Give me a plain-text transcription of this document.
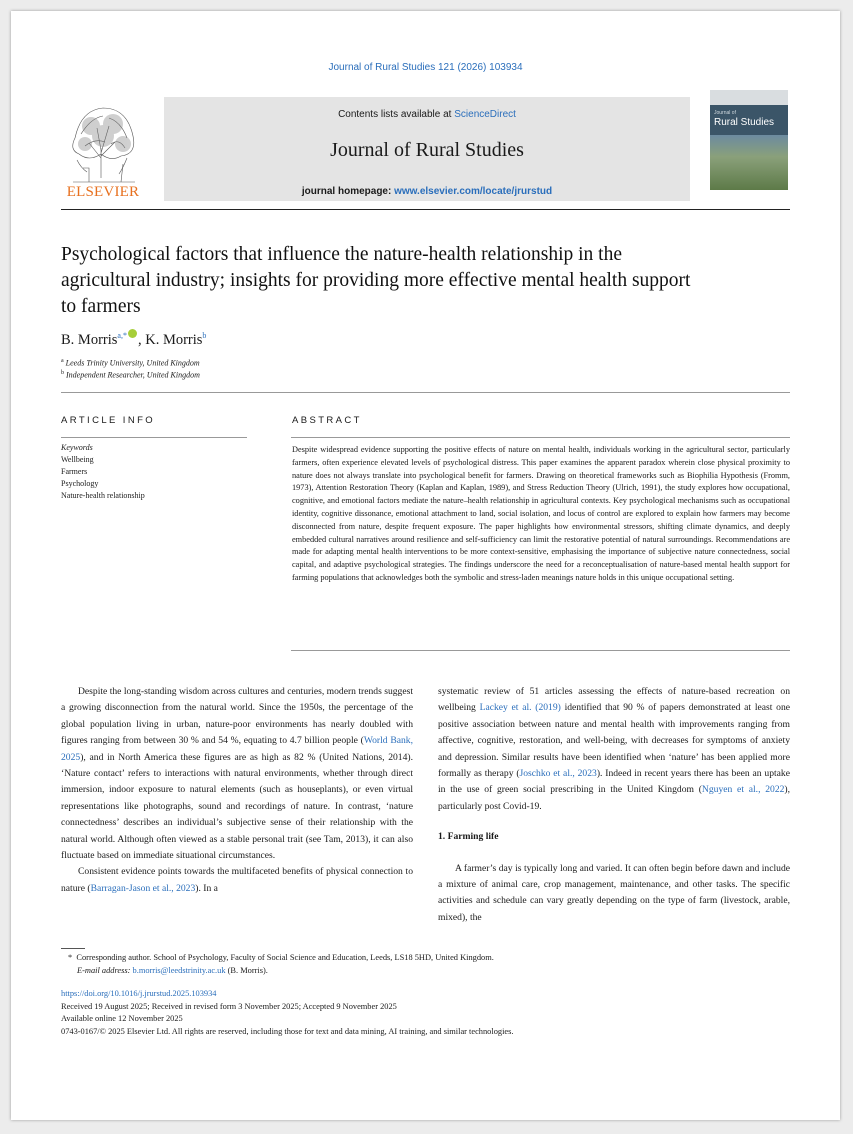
Journal of Rural Studies 121 (2026) 103934
ELSEVIER
Contents lists available at ScienceDirect
Journal of Rural Studies
journal homepage: www.elsevier.com/locate/jrurstud
Journal of
Rural Studies
Psychological factors that influence the nature-health relationship in the agricultural industry; insights for providing more effective mental health support to farmers
B. Morris$^{a,*}$ , K. Morris$^b$
$^a$ Leeds Trinity University, United Kingdom
$^b$ Independent Researcher, United Kingdom
ARTICLE INFO	ABSTRACT
Keywords
Wellbeing
Farmers
Psychology
Nature-health relationship
Despite widespread evidence supporting the positive effects of nature on mental health, individuals working in the agricultural sector, particularly farmers, often experience elevated levels of psychological distress. This paper examines the apparent paradox wherein close physical proximity to nature does not always translate into psychological benefit for farmers. Drawing on theoretical frameworks such as Biophilia Hypothesis (Fromm, 1973), Attention Restoration Theory (Kaplan and Kaplan, 1989), and Stress Reduction Theory (Ulrich, 1991), the study explores how occupational, cognitive, and emotional factors mediate the nature–health relationship in agricultural contexts. Key psychological mechanisms such as occupational identity, cognitive dissonance, emotional attachment to land, social isolation, and locus of control are explored to explain how farmers may become disconnected from nature, despite frequent exposure. The paper highlights how environmental stressors, shifting climate dynamics, and deeply embedded cultural narratives around resilience and self-sufficiency can limit the restorative potential of natural surroundings. Recommendations are made for adapting mental health interventions to be more context-sensitive, emphasising the importance of subjective nature connectedness, social capital, and adaptive psychological strategies. The findings underscore the need for a reconceptualisation of nature-based mental health support for farming populations that acknowledges both the symbolic and stress-laden meanings nature holds in this unique occupational setting.

Despite the long-standing wisdom across cultures and centuries, modern trends suggest a growing disconnection from the natural world. Since the 1950s, the percentage of the global population living in urban, nature-poor environments has nearly doubled with figures ranging from between 30 % and 54 %, equating to 4.7 billion people (World Bank, 2025), and in North America these figures are as high as 82 % (United Nations, 2014). ‘Nature contact’ refers to interactions with natural environments, whether through direct immersion, indoor exposure to natural elements (such as houseplants), or even virtual representations like photographs, sound and recordings of nature. In contrast, ‘nature connectedness’ describes an individual’s subjective sense of their relationship with the natural world. Although often viewed as a stable personal trait (see Tam, 2013), it can also fluctuate based on immediate situational circumstances.

Consistent evidence points towards the multifaceted benefits of physical connection to nature (Barragan-Jason et al., 2023). In a

systematic review of 51 articles assessing the effects of nature-based recreation on wellbeing Lackey et al. (2019) identified that 90 % of papers demonstrated at least one positive association between nature and mental health with improvements ranging from affective, cognitive, restoration, and well-being, with decreases for symptoms of anxiety and depression. Similar results have been identified when ‘nature’ has been applied more formally as therapy (Joschko et al., 2023). Indeed in recent years there has been an uptake in the use of green social prescribing in the United Kingdom (Nguyen et al., 2022), particularly post Covid-19.

1. Farming life

A farmer’s day is typically long and varied. It can often begin before dawn and include a mixture of animal care, crop management, maintenance, and other tasks. The specific activities and schedule can vary greatly depending on the type of farm (livestock, arable, mixed), the

* Corresponding author. School of Psychology, Faculty of Social Science and Education, Leeds, LS18 5HD, United Kingdom.
E-mail address: b.morris@leedstrinity.ac.uk (B. Morris).
https://doi.org/10.1016/j.jrurstud.2025.103934
Received 19 August 2025; Received in revised form 3 November 2025; Accepted 9 November 2025
Available online 12 November 2025
0743-0167/© 2025 Elsevier Ltd. All rights are reserved, including those for text and data mining, AI training, and similar technologies.
